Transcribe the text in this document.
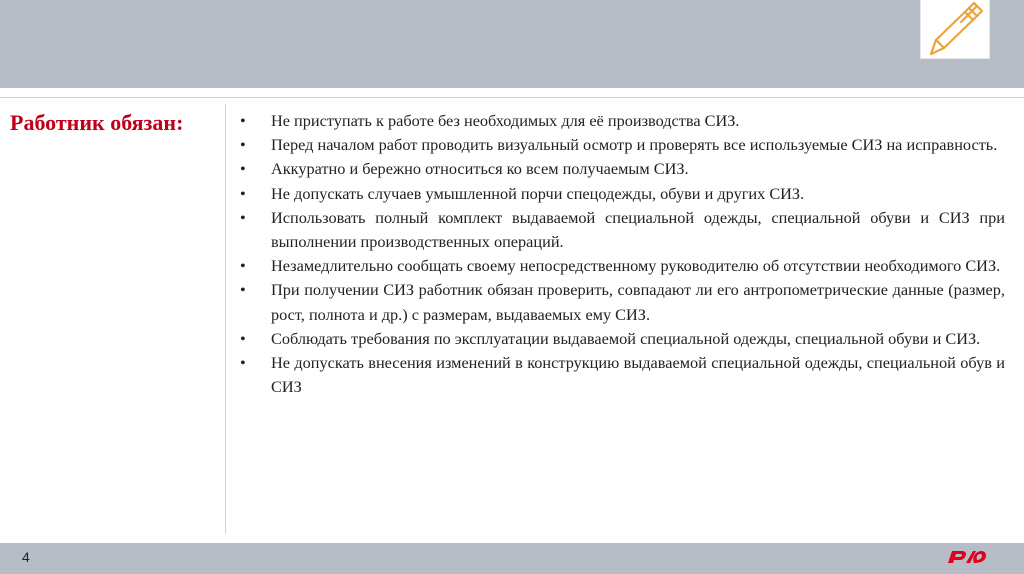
Работник обязан:	• Не приступать к работе без необходимых для её производства СИЗ.
• Перед началом работ проводить визуальный осмотр и проверять все используемые СИЗ на исправность.
• Аккуратно и бережно относиться ко всем получаемым СИЗ.
• Не допускать случаев умышленной порчи спецодежды, обуви и других СИЗ.
• Использовать полный комплект выдаваемой специальной одежды, специальной обуви и СИЗ при выполнении производственных операций.
• Незамедлительно сообщать своему непосредственному руководителю об отсутствии необходимого СИЗ.
• При получении СИЗ работник обязан проверить, совпадают ли его антропометрические данные (размер, рост, полнота и др.) с размерам, выдаваемых ему СИЗ.
• Соблюдать требования по эксплуатации выдаваемой специальной одежды, специальной обуви и СИЗ.
• Не допускать внесения изменений в конструкцию выдаваемой специальной одежды, специальной обув и СИЗ
4
